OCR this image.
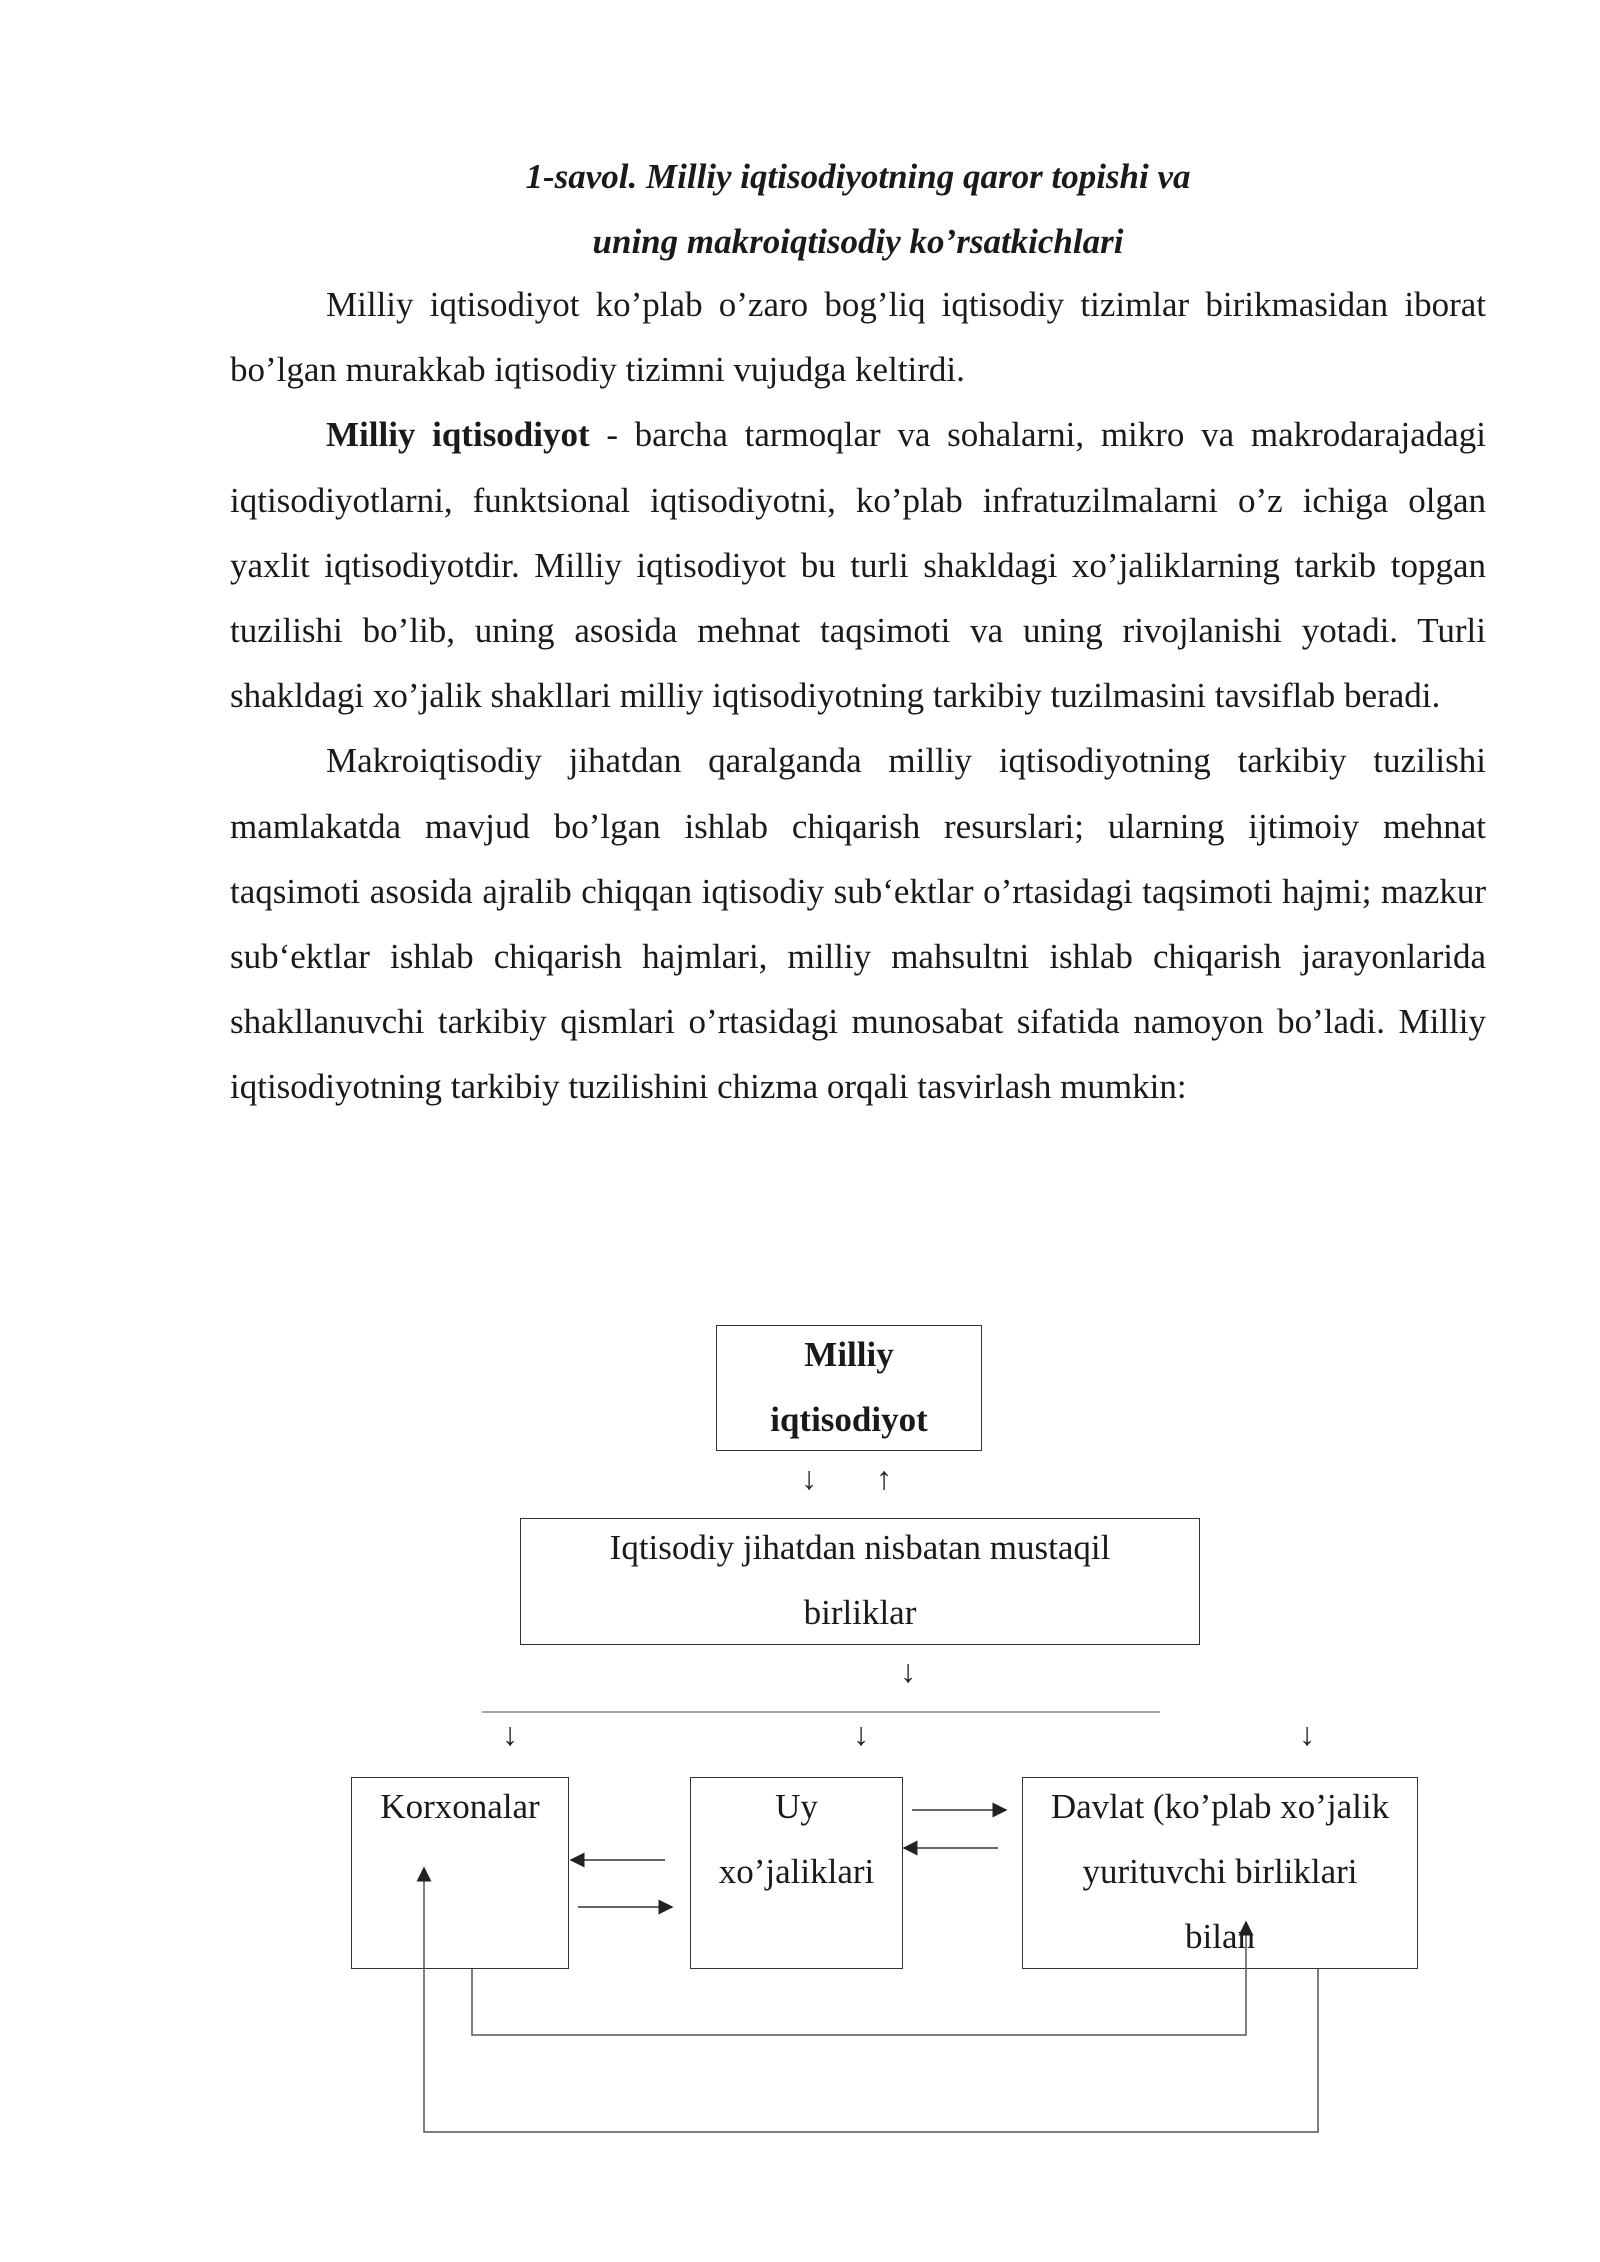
1-savol. Milliy iqtisodiyotning qaror topishi va
uning makroiqtisodiy ko’rsatkichlari

Milliy iqtisodiyot ko’plab o’zaro bog’liq iqtisodiy tizimlar birikmasidan iborat bo’lgan murakkab iqtisodiy tizimni vujudga keltirdi.

Milliy iqtisodiyot - barcha tarmoqlar va sohalarni, mikro va makrodarajadagi iqtisodiyotlarni, funktsional iqtisodiyotni, ko’plab infratuzilmalarni o’z ichiga olgan yaxlit iqtisodiyotdir. Milliy iqtisodiyot bu turli shakldagi xo’jaliklarning tarkib topgan tuzilishi bo’lib, uning asosida mehnat taqsimoti va uning rivojlanishi yotadi. Turli shakldagi xo’jalik shakllari milliy iqtisodiyotning tarkibiy tuzilmasini tavsiflab beradi.

Makroiqtisodiy jihatdan qaralganda milliy iqtisodiyotning tarkibiy tuzilishi mamlakatda mavjud bo’lgan ishlab chiqarish resurslari; ularning ijtimoiy mehnat taqsimoti asosida ajralib chiqqan iqtisodiy sub‘ektlar o’rtasidagi taqsimoti hajmi; mazkur sub‘ektlar ishlab chiqarish hajmlari, milliy mahsultni ishlab chiqarish jarayonlarida shakllanuvchi tarkibiy qismlari o’rtasidagi munosabat sifatida namoyon bo’ladi. Milliy iqtisodiyotning tarkibiy tuzilishini chizma orqali tasvirlash mumkin:

Milliy
iqtisodiyot
↓ ↑
Iqtisodiy jihatdan nisbatan mustaqil
birliklar
↓
↓	↓	↓
Korxonalar	Uy
xo’jaliklari
Davlat (ko’plab xo’jalik
yurituvchi birliklari
bilan
